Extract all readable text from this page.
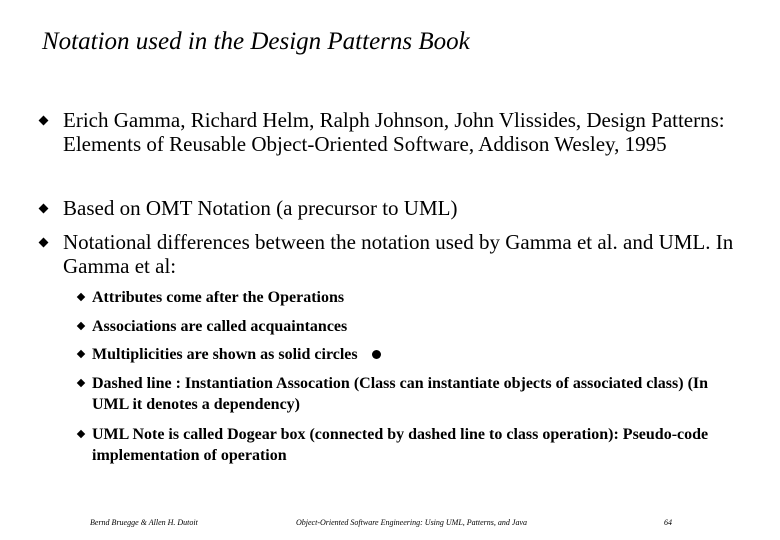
Notation used in the Design Patterns Book
Erich Gamma, Richard Helm, Ralph Johnson, John Vlissides, Design Patterns: Elements of Reusable Object-Oriented Software, Addison Wesley, 1995
Based on OMT Notation (a precursor to UML)
Notational differences between the notation used by Gamma et al. and UML. In Gamma et al:
Attributes come after the Operations
Associations are called acquaintances
Multiplicities are shown as solid circles
Dashed line : Instantiation Assocation (Class can instantiate objects of associated class) (In UML it denotes a dependency)
UML Note is called Dogear box (connected by dashed line to class operation): Pseudo-code implementation of operation
Bernd Bruegge & Allen H. Dutoit	Object-Oriented Software Engineering: Using UML, Patterns, and Java	64
